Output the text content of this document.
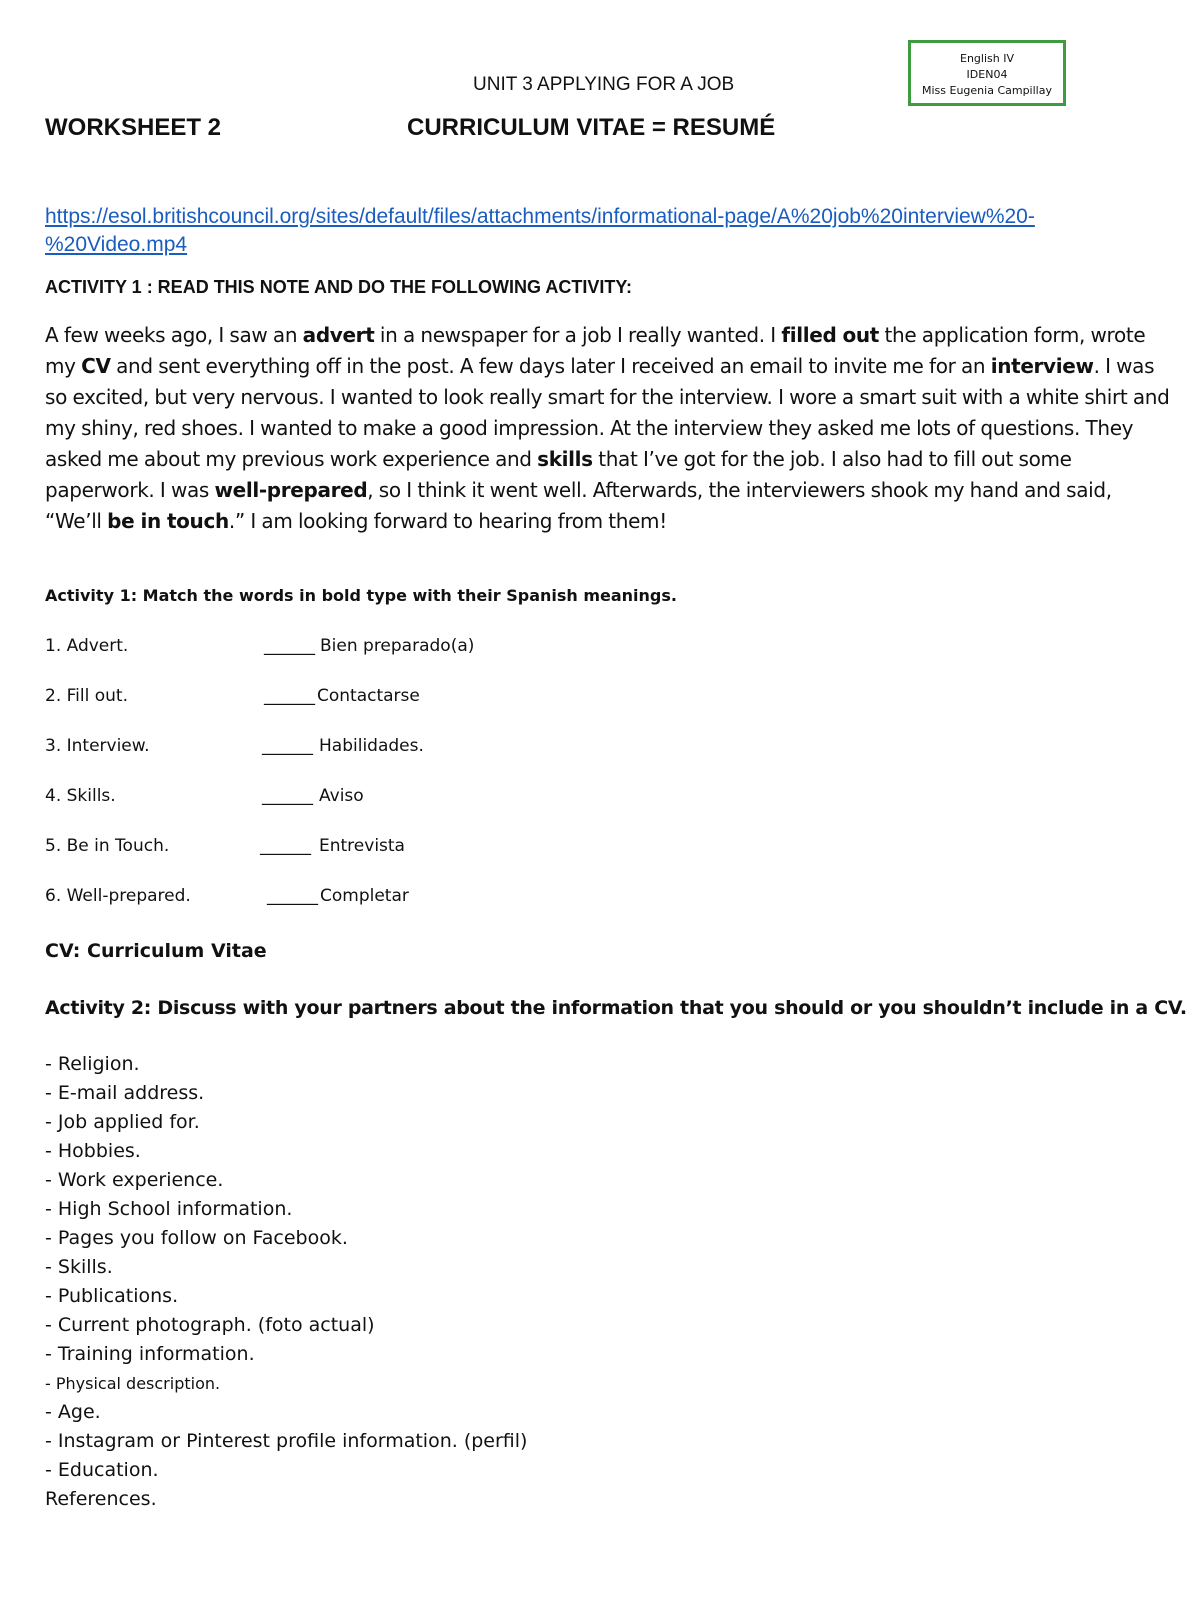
English IV
IDEN04
Miss Eugenia Campillay
UNIT 3 APPLYING FOR A JOB
WORKSHEET 2	CURRICULUM VITAE = RESUMÉ
https://esol.britishcouncil.org/sites/default/files/attachments/informational-page/A%20job%20interview%20-%20Video.mp4
ACTIVITY 1 : READ THIS NOTE AND DO THE FOLLOWING ACTIVITY:
A few weeks ago, I saw an advert in a newspaper for a job I really wanted. I filled out the application form, wrote my CV and sent everything off in the post. A few days later I received an email to invite me for an interview. I was so excited, but very nervous. I wanted to look really smart for the interview. I wore a smart suit with a white shirt and my shiny, red shoes. I wanted to make a good impression. At the interview they asked me lots of questions. They asked me about my previous work experience and skills that I’ve got for the job. I also had to fill out some paperwork. I was well-prepared, so I think it went well. Afterwards, the interviewers shook my hand and said, “We’ll be in touch.” I am looking forward to hearing from them!
Activity 1: Match the words in bold type with their Spanish meanings.
1. Advert.	______ Bien preparado(a)
2. Fill out.	______ Contactarse
3. Interview.	______ Habilidades.
4. Skills.	______ Aviso
5. Be in Touch.	______ Entrevista
6. Well-prepared.	______ Completar
CV: Curriculum Vitae
Activity 2: Discuss with your partners about the information that you should or you shouldn’t include in a CV.
- Religion.
- E-mail address.
- Job applied for.
- Hobbies.
- Work experience.
- High School information.
- Pages you follow on Facebook.
- Skills.
- Publications.
- Current photograph. (foto actual)
- Training information.
- Physical description.
- Age.
- Instagram or Pinterest profile information. (perfil)
- Education.
References.
